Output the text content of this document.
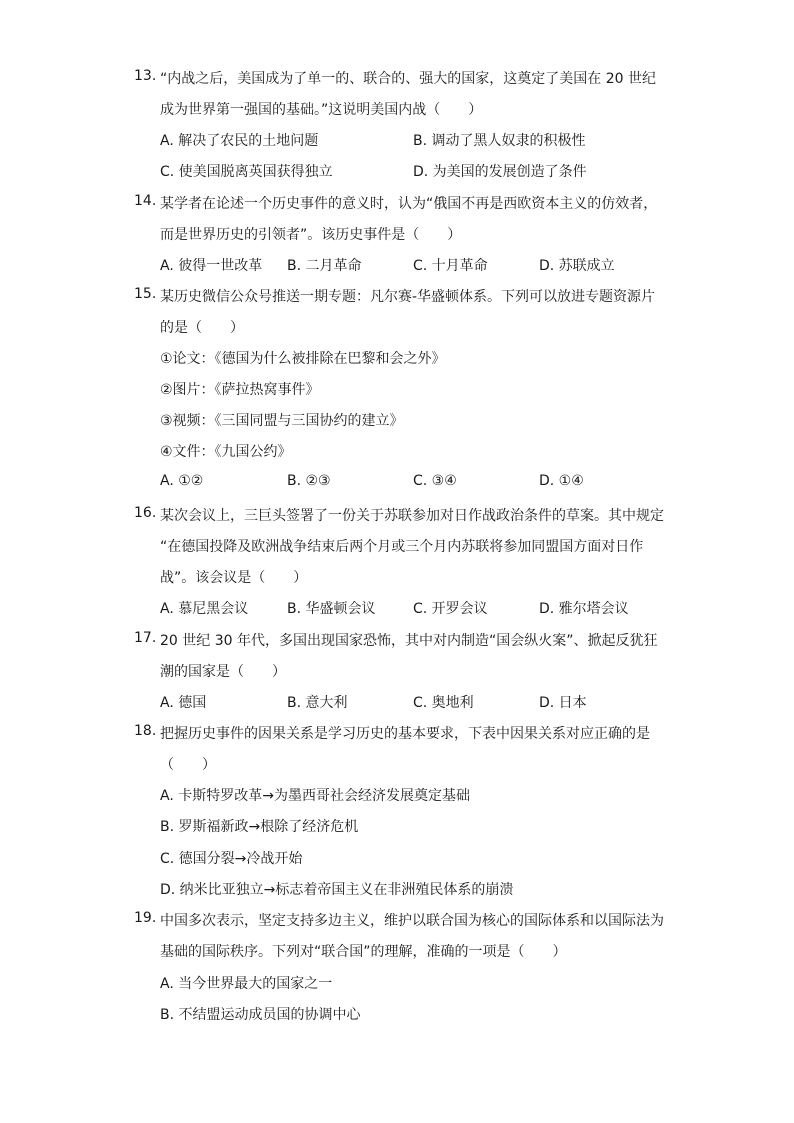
13. “内战之后，美国成为了单一的、联合的、强大的国家，这奠定了美国在 20 世纪
成为世界第一强国的基础。”这说明美国内战（　　）
A. 解决了农民的土地问题	B. 调动了黑人奴隶的积极性
C. 使美国脱离英国获得独立	D. 为美国的发展创造了条件
14. 某学者在论述一个历史事件的意义时，认为“俄国不再是西欧资本主义的仿效者，
而是世界历史的引领者”。该历史事件是（　　）
A. 彼得一世改革 B. 二月革命	C. 十月革命	D. 苏联成立
15. 某历史微信公众号推送一期专题：凡尔赛-华盛顿体系。下列可以放进专题资源片
的是（　　）
①论文：《德国为什么被排除在巴黎和会之外》
②图片：《萨拉热窝事件》
③视频：《三国同盟与三国协约的建立》
④文件：《九国公约》
A. ①②	B. ②③	C. ③④	D. ①④
16. 某次会议上，三巨头签署了一份关于苏联参加对日作战政治条件的草案。其中规定
“在德国投降及欧洲战争结束后两个月或三个月内苏联将参加同盟国方面对日作
战”。该会议是（　　）
A. 慕尼黑会议	B. 华盛顿会议	C. 开罗会议	D. 雅尔塔会议
17. 20 世纪 30 年代，多国出现国家恐怖，其中对内制造“国会纵火案”、掀起反犹狂
潮的国家是（　　）
A. 德国	B. 意大利	C. 奥地利	D. 日本
18. 把握历史事件的因果关系是学习历史的基本要求，下表中因果关系对应正确的是
（　　）
A. 卡斯特罗改革→为墨西哥社会经济发展奠定基础
B. 罗斯福新政→根除了经济危机
C. 德国分裂→冷战开始
D. 纳米比亚独立→标志着帝国主义在非洲殖民体系的崩溃
19. 中国多次表示，坚定支持多边主义，维护以联合国为核心的国际体系和以国际法为
基础的国际秩序。下列对“联合国”的理解，准确的一项是（　　）
A. 当今世界最大的国家之一
B. 不结盟运动成员国的协调中心
